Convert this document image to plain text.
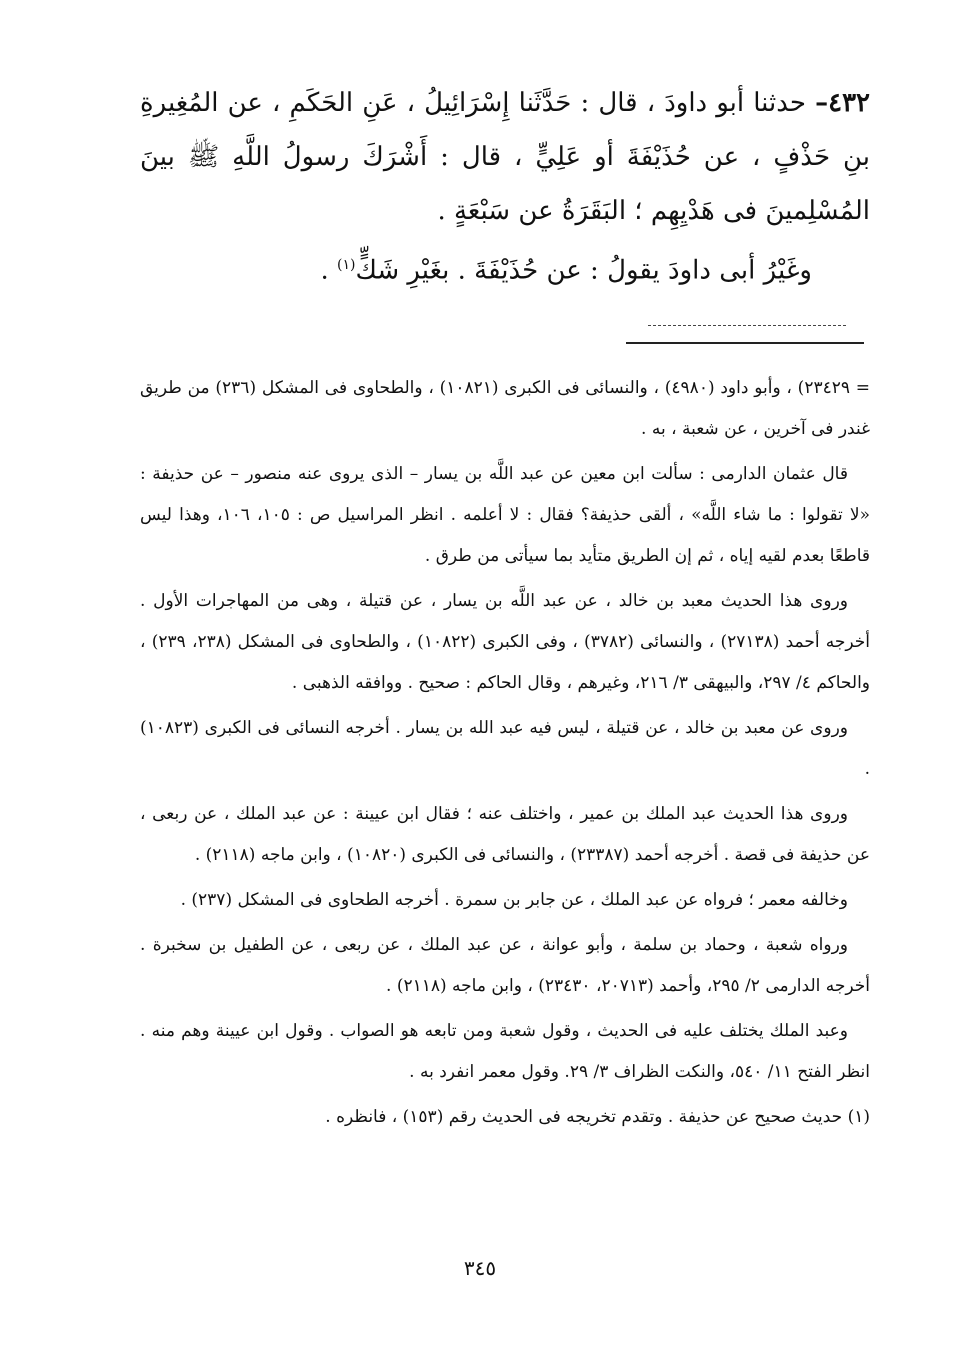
٤٣٢– حدثنا أبو داودَ ، قال : حَدَّثَنا إِسْرَائِيلُ ، عَنِ الحَكَمِ ، عن المُغِيرةِ بنِ حَذْفٍ ، عن حُذَيْفَةَ أو عَلِيٍّ ، قال : أَشْرَكَ رسولُ اللَّهِ ﷺ بينَ المُسْلِمينَ فى هَدْيِهِم ؛ البَقَرَةُ عن سَبْعَةٍ .

وغَيْرُ أبى داودَ يقولُ : عن حُذَيْفَةَ . بغَيْرِ شَكٍّ$^{(١)}$ .

= ٢٣٤٢٩) ، وأبو داود (٤٩٨٠) ، والنسائى فى الكبرى (١٠٨٢١) ، والطحاوى فى المشكل (٢٣٦) من طريق غندر فى آخرين ، عن شعبة ، به .

قال عثمان الدارمى : سألت ابن معين عن عبد اللَّه بن يسار – الذى يروى عنه منصور – عن حذيفة : «لا تقولوا : ما شاء اللَّه» ، ألقى حذيفة؟ فقال : لا أعلمه . انظر المراسيل ص : ١٠٥، ١٠٦، وهذا ليس قاطعًا بعدم لقيه إياه ، ثم إن الطريق متأيد بما سيأتى من طرق .

وروى هذا الحديث معبد بن خالد ، عن عبد اللَّه بن يسار ، عن قتيلة ، وهى من المهاجرات الأول . أخرجه أحمد (٢٧١٣٨) ، والنسائى (٣٧٨٢) ، وفى الكبرى (١٠٨٢٢) ، والطحاوى فى المشكل (٢٣٨، ٢٣٩) ، والحاكم ٤/ ٢٩٧، والبيهقى ٣/ ٢١٦، وغيرهم ، وقال الحاكم : صحيح . ووافقه الذهبى .

وروى عن معبد بن خالد ، عن قتيلة ، ليس فيه عبد الله بن يسار . أخرجه النسائى فى الكبرى (١٠٨٢٣) .

وروى هذا الحديث عبد الملك بن عمير ، واختلف عنه ؛ فقال ابن عيينة : عن عبد الملك ، عن ربعى ، عن حذيفة فى قصة . أخرجه أحمد (٢٣٣٨٧) ، والنسائى فى الكبرى (١٠٨٢٠) ، وابن ماجه (٢١١٨) .

وخالفه معمر ؛ فرواه عن عبد الملك ، عن جابر بن سمرة . أخرجه الطحاوى فى المشكل (٢٣٧) .

ورواه شعبة ، وحماد بن سلمة ، وأبو عوانة ، عن عبد الملك ، عن ربعى ، عن الطفيل بن سخبرة . أخرجه الدارمى ٢/ ٢٩٥، وأحمد (٢٠٧١٣، ٢٣٤٣٠) ، وابن ماجه (٢١١٨) .

وعبد الملك يختلف عليه فى الحديث ، وقول شعبة ومن تابعه هو الصواب . وقول ابن عيينة وهم منه . انظر الفتح ١١/ ٥٤٠، والنكت الظراف ٣/ ٢٩. وقول معمر انفرد به .

(١) حديث صحيح عن حذيفة . وتقدم تخريجه فى الحديث رقم (١٥٣) ، فانظره .

٣٤٥
